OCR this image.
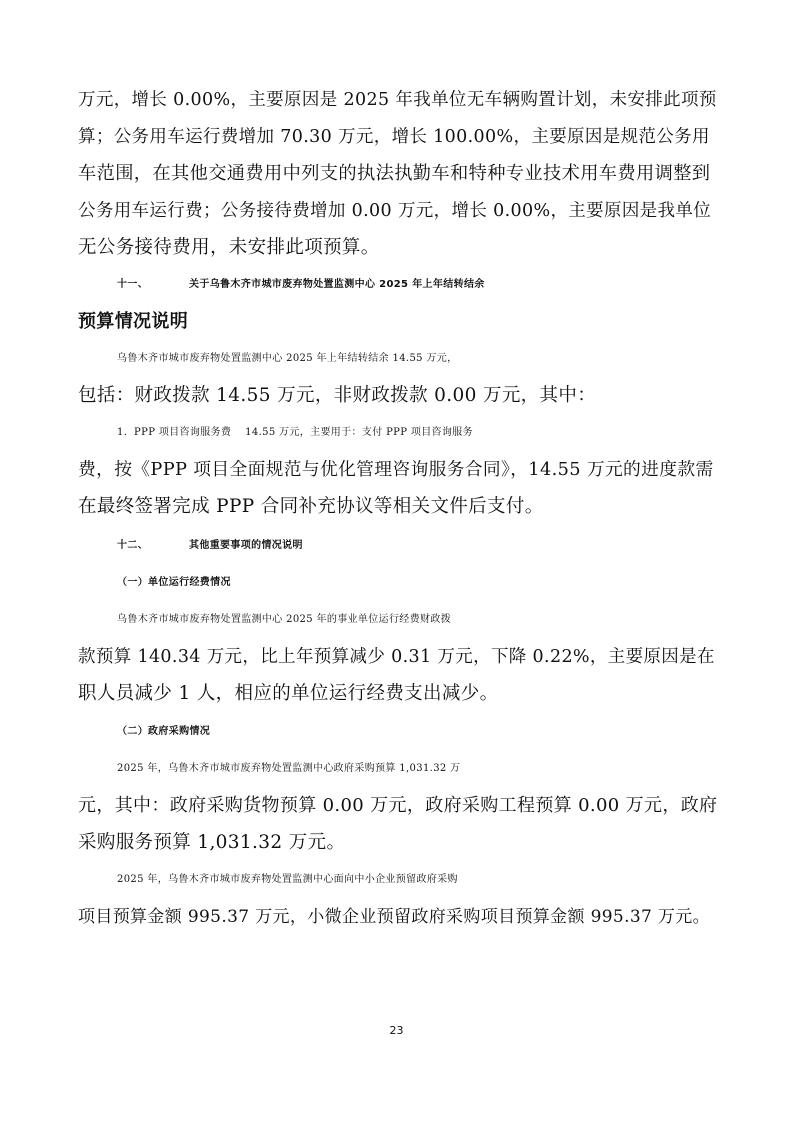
万元，增长 0.00%，主要原因是 2025 年我单位无车辆购置计划，未安排此项预
算；公务用车运行费增加 70.30 万元，增长 100.00%，主要原因是规范公务用
车范围，在其他交通费用中列支的执法执勤车和特种专业技术用车费用调整到
公务用车运行费；公务接待费增加 0.00 万元，增长 0.00%，主要原因是我单位
无公务接待费用，未安排此项预算。
十一、	关于乌鲁木齐市城市废弃物处置监测中心 2025 年上年结转结余
预算情况说明
乌鲁木齐市城市废弃物处置监测中心 2025 年上年结转结余 14.55 万元，
包括：财政拨款 14.55 万元，非财政拨款 0.00 万元，其中：
1．PPP 项目咨询服务费　 14.55 万元，主要用于：支付 PPP 项目咨询服务
费，按《PPP 项目全面规范与优化管理咨询服务合同》，14.55 万元的进度款需
在最终签署完成 PPP 合同补充协议等相关文件后支付。
十二、	其他重要事项的情况说明
（一）单位运行经费情况
乌鲁木齐市城市废弃物处置监测中心 2025 年的事业单位运行经费财政拨
款预算 140.34 万元，比上年预算减少 0.31 万元，下降 0.22%，主要原因是在
职人员减少 1 人，相应的单位运行经费支出减少。
（二）政府采购情况
2025 年，乌鲁木齐市城市废弃物处置监测中心政府采购预算 1,031.32 万
元，其中：政府采购货物预算 0.00 万元，政府采购工程预算 0.00 万元，政府
采购服务预算 1,031.32 万元。
2025 年，乌鲁木齐市城市废弃物处置监测中心面向中小企业预留政府采购
项目预算金额 995.37 万元，小微企业预留政府采购项目预算金额 995.37 万元。
23
